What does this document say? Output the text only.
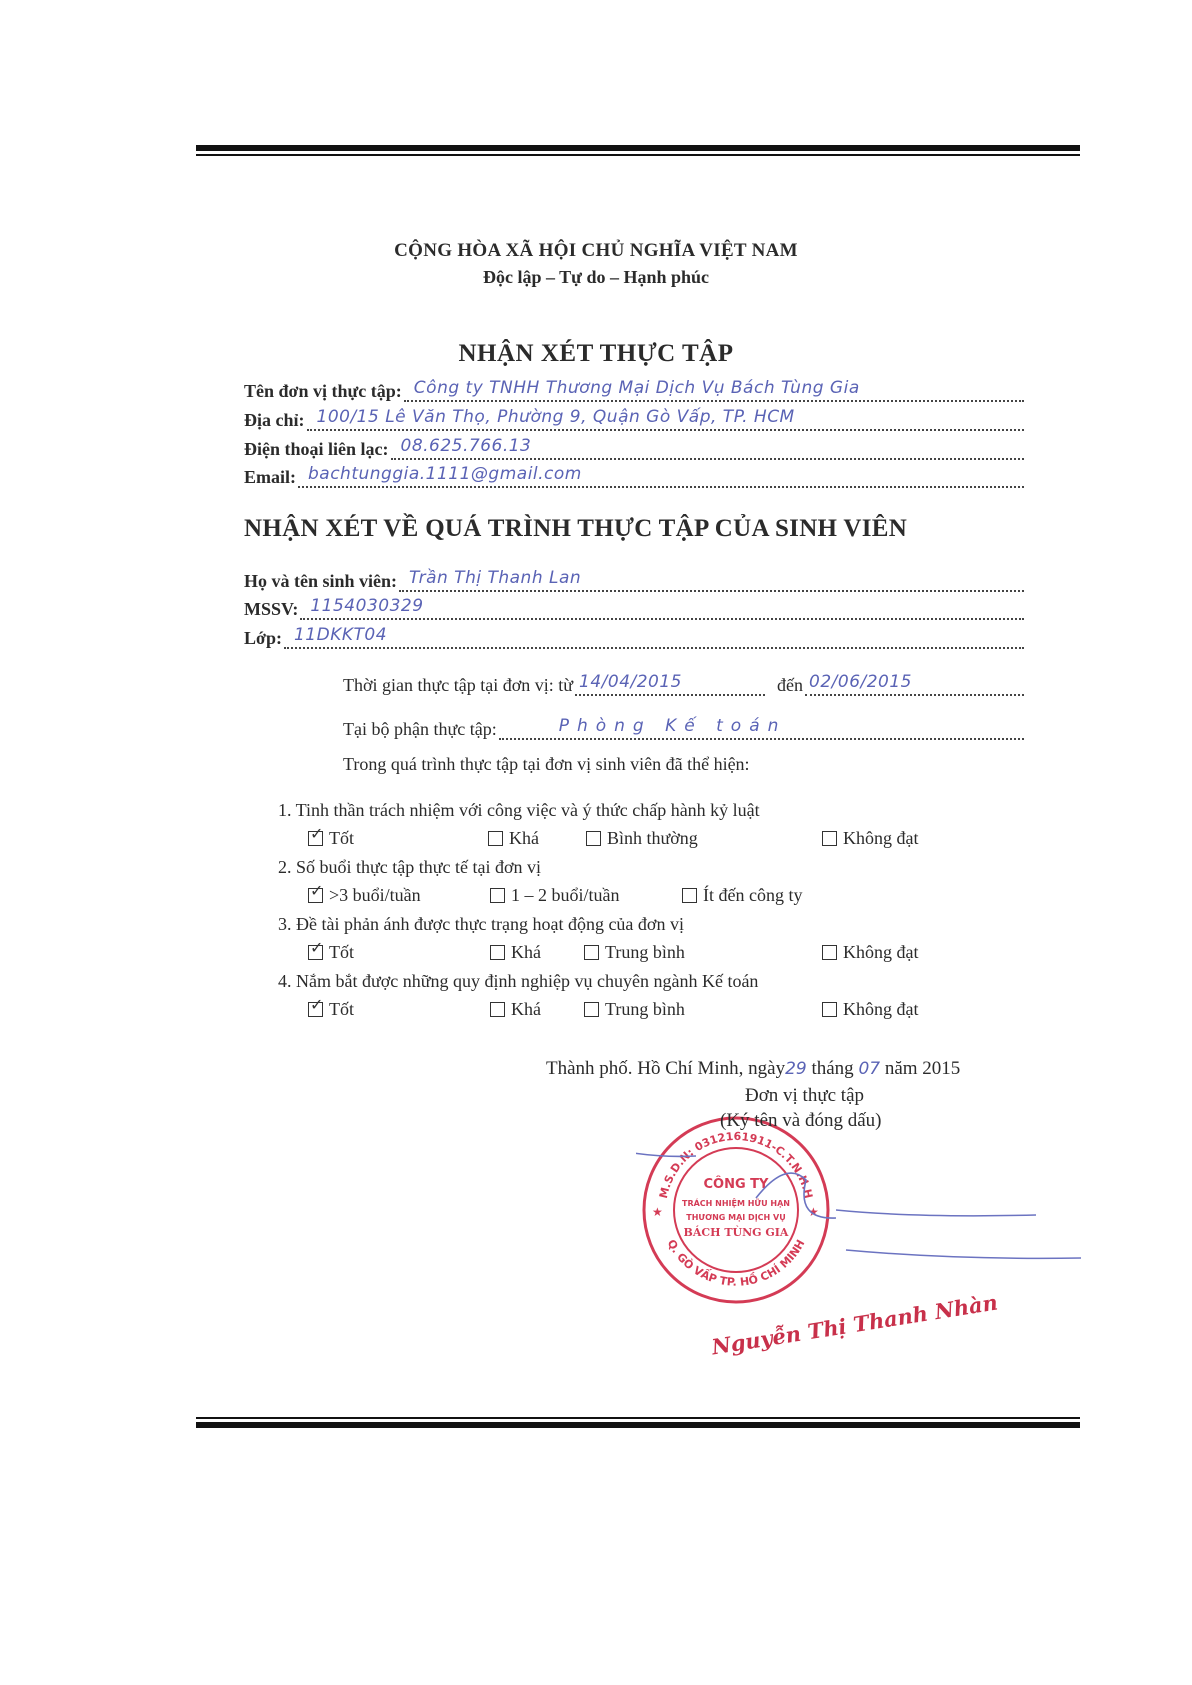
CỘNG HÒA XÃ HỘI CHỦ NGHĨA VIỆT NAM
Độc lập – Tự do – Hạnh phúc
NHẬN XÉT THỰC TẬP
Tên đơn vị thực tập: Công ty TNHH Thương Mại Dịch Vụ Bách Tùng Gia
Địa chỉ: 100/15 Lê Văn Thọ, Phường 9, Quận Gò Vấp, TP. HCM
Điện thoại liên lạc: 08.625.766.13
Email: bachtunggia.1111@gmail.com
NHẬN XÉT VỀ QUÁ TRÌNH THỰC TẬP CỦA SINH VIÊN
Họ và tên sinh viên: Trần Thị Thanh Lan
MSSV: 1154030329
Lớp: 11DKKT04
Thời gian thực tập tại đơn vị: từ 14/04/2015	đến 02/06/2015
Tại bộ phận thực tập:	Phòng Kế toán
Trong quá trình thực tập tại đơn vị sinh viên đã thể hiện:
1. Tinh thần trách nhiệm với công việc và ý thức chấp hành kỷ luật
✓
Tốt	Khá	Bình thường	Không đạt
2. Số buổi thực tập thực tế tại đơn vị
✓
>3 buổi/tuần	1 – 2 buổi/tuần	Ít đến công ty
3. Đề tài phản ánh được thực trạng hoạt động của đơn vị
✓
Tốt	Khá	Trung bình	Không đạt
4. Nắm bắt được những quy định nghiệp vụ chuyên ngành Kế toán
✓
Tốt	Khá	Trung bình	Không đạt
Thành phố. Hồ Chí Minh, ngày29 tháng 07 năm 2015
Đơn vị thực tập
M.S.D.N: 0312161911-C.T.N.H.H
Q. GÒ VẤP TP. HỒ CHÍ MINH
CÔNG TY
TRÁCH NHIỆM HỮU HẠN
THƯƠNG MẠI DỊCH VỤ
BÁCH TÙNG GIA
★	★
(Ký tên và đóng dấu)
Nguyễn Thị Thanh Nhàn
